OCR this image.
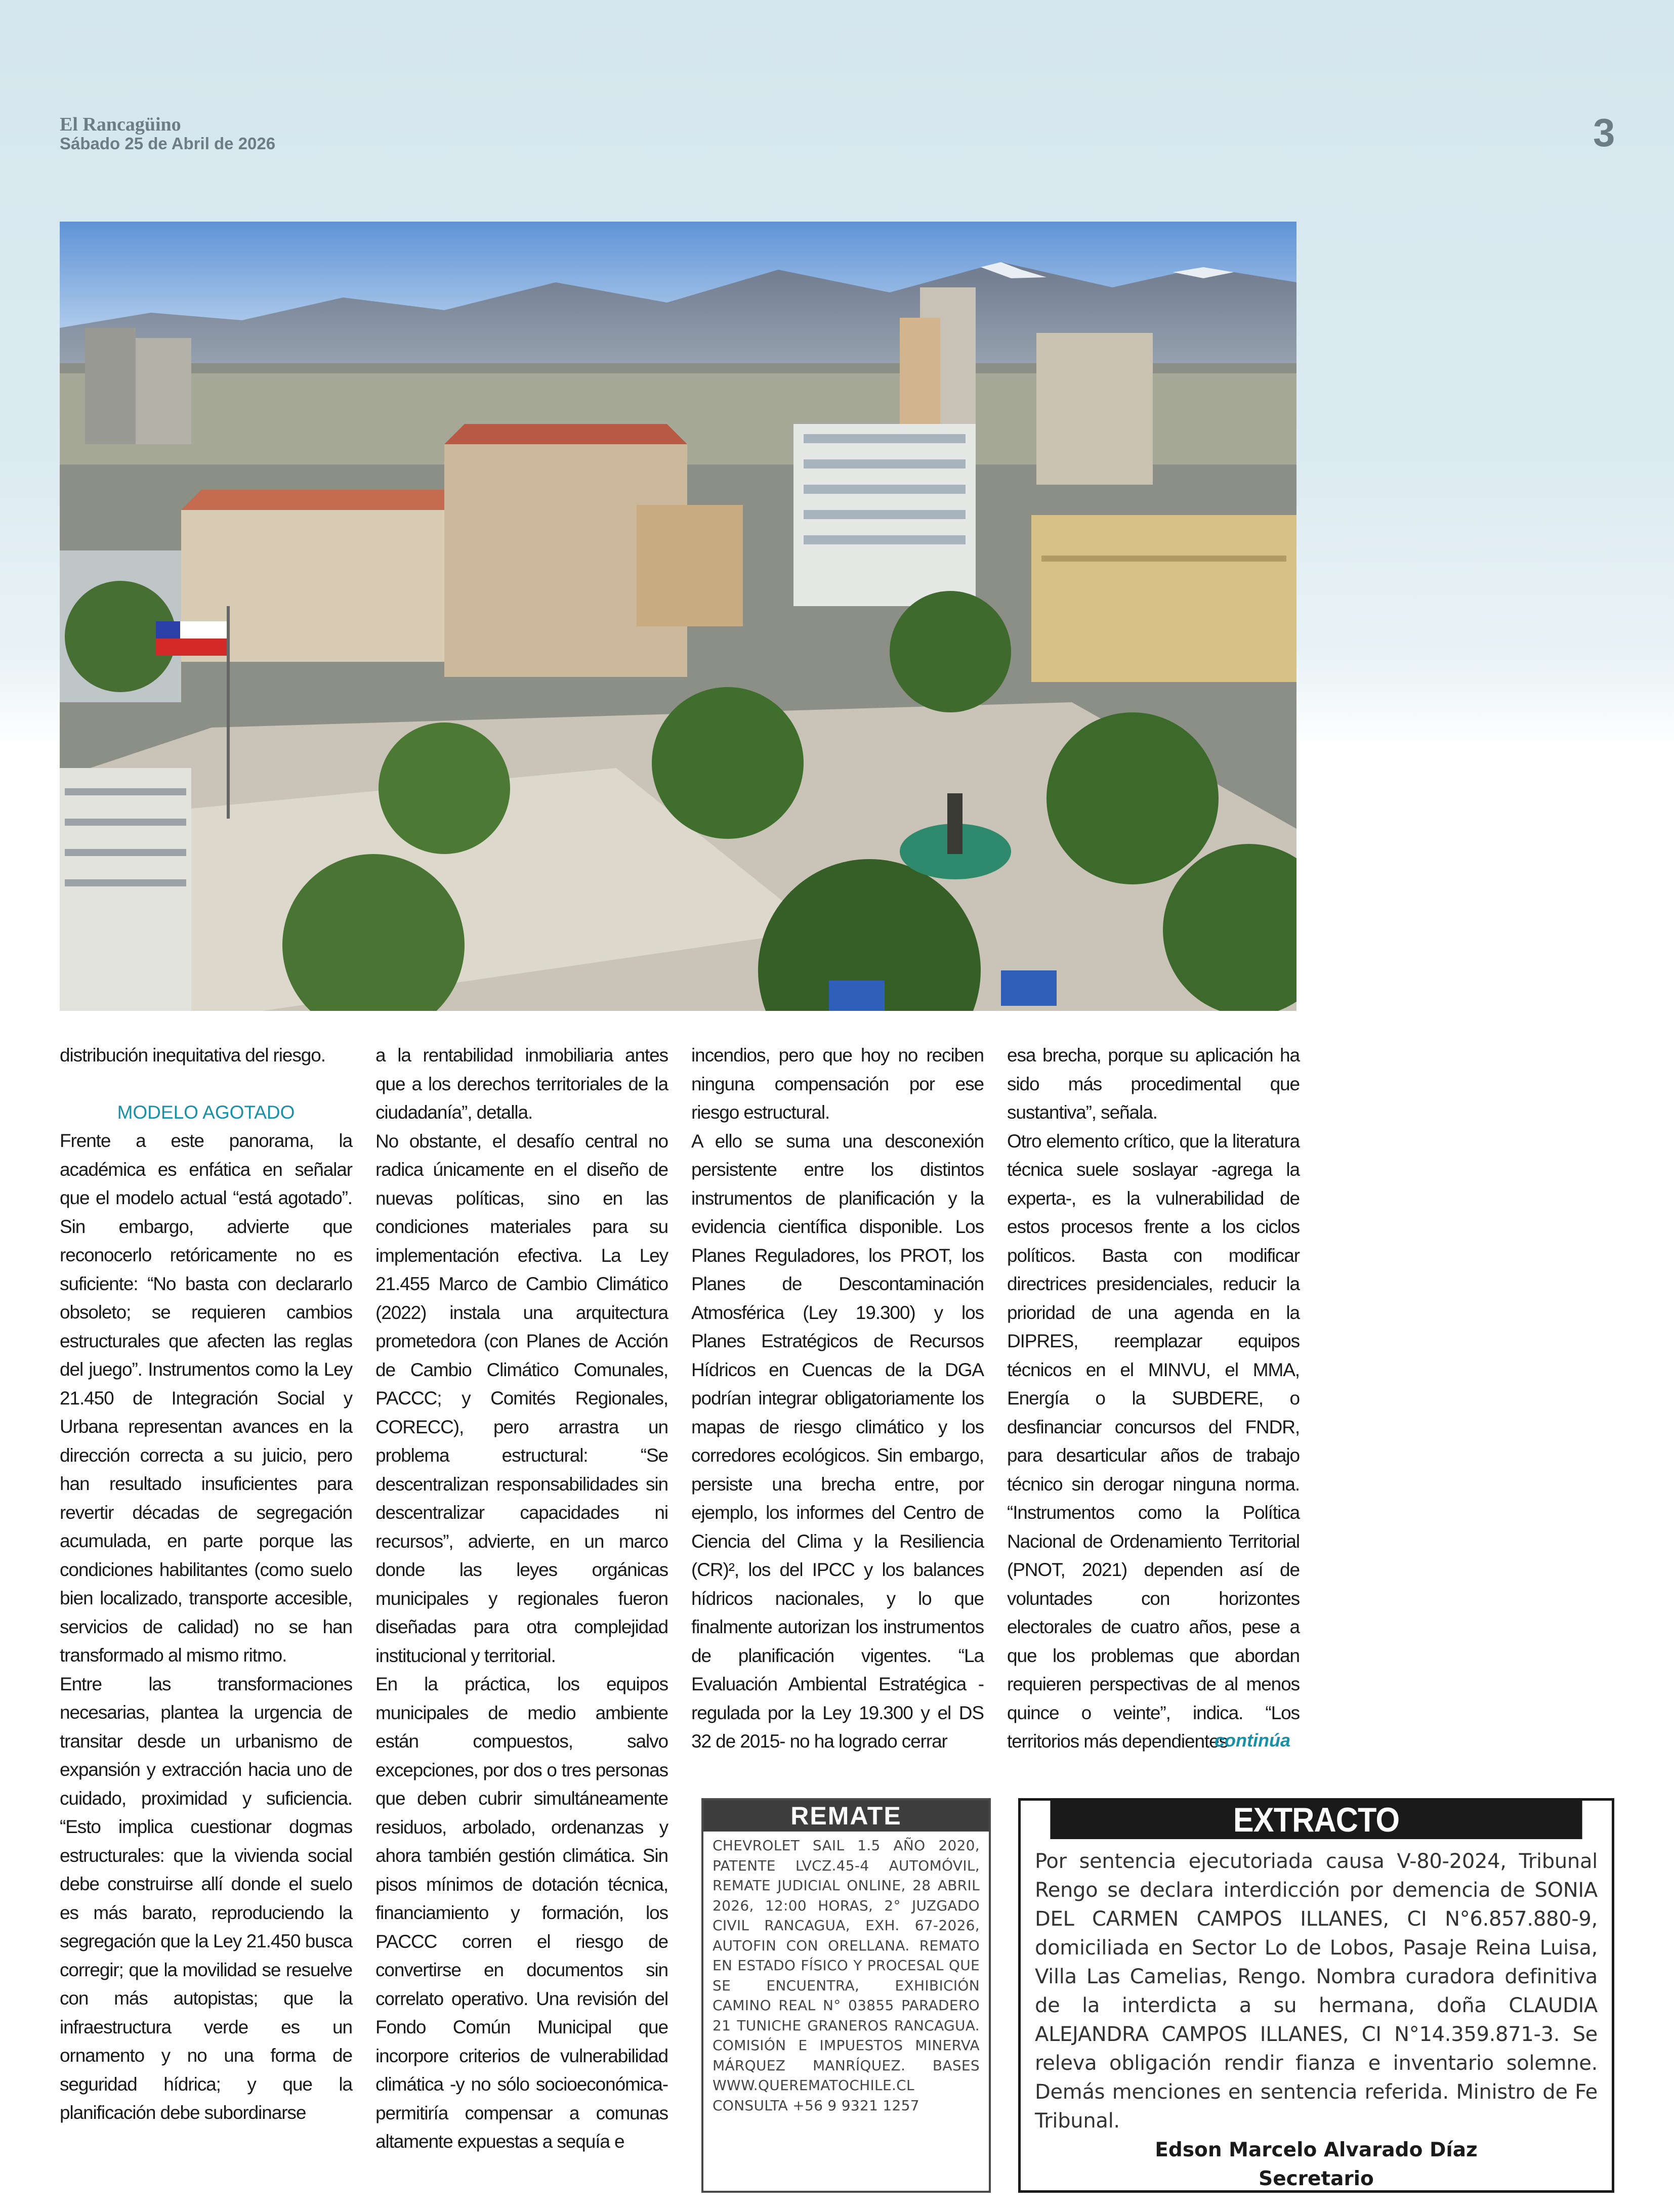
El Rancagüino
Sábado 25 de Abril de 2026	3

distribución inequitativa del riesgo.

MODELO AGOTADO

Frente a este panorama, la académica es enfática en señalar que el modelo actual “está agotado”. Sin embargo, advierte que reconocerlo retóricamente no es suficiente: “No basta con declararlo obsoleto; se requieren cambios estructurales que afecten las reglas del juego”. Instrumentos como la Ley 21.450 de Integración Social y Urbana representan avances en la dirección correcta a su juicio, pero han resultado insuficientes para revertir décadas de segregación acumulada, en parte porque las condiciones habilitantes (como suelo bien localizado, transporte accesible, servicios de calidad) no se han transformado al mismo ritmo.

Entre las transformaciones necesarias, plantea la urgencia de transitar desde un urbanismo de expansión y extracción hacia uno de cuidado, proximidad y suficiencia. “Esto implica cuestionar dogmas estructurales: que la vivienda social debe construirse allí donde el suelo es más barato, reproduciendo la segregación que la Ley 21.450 busca corregir; que la movilidad se resuelve con más autopistas; que la infraestructura verde es un ornamento y no una forma de seguridad hídrica; y que la planificación debe subordinarse

a la rentabilidad inmobiliaria antes que a los derechos territoriales de la ciudadanía”, detalla.

No obstante, el desafío central no radica únicamente en el diseño de nuevas políticas, sino en las condiciones materiales para su implementación efectiva. La Ley 21.455 Marco de Cambio Climático (2022) instala una arquitectura prometedora (con Planes de Acción de Cambio Climático Comunales, PACCC; y Comités Regionales, CORECC), pero arrastra un problema estructural: “Se descentralizan responsabilidades sin descentralizar capacidades ni recursos”, advierte, en un marco donde las leyes orgánicas municipales y regionales fueron diseñadas para otra complejidad institucional y territorial.

En la práctica, los equipos municipales de medio ambiente están compuestos, salvo excepciones, por dos o tres personas que deben cubrir simultáneamente residuos, arbolado, ordenanzas y ahora también gestión climática. Sin pisos mínimos de dotación técnica, financiamiento y formación, los PACCC corren el riesgo de convertirse en documentos sin correlato operativo. Una revisión del Fondo Común Municipal que incorpore criterios de vulnerabilidad climática -y no sólo socioeconómica- permitiría compensar a comunas altamente expuestas a sequía e

incendios, pero que hoy no reciben ninguna compensación por ese riesgo estructural.

A ello se suma una desconexión persistente entre los distintos instrumentos de planificación y la evidencia científica disponible. Los Planes Reguladores, los PROT, los Planes de Descontaminación Atmosférica (Ley 19.300) y los Planes Estratégicos de Recursos Hídricos en Cuencas de la DGA podrían integrar obligatoriamente los mapas de riesgo climático y los corredores ecológicos. Sin embargo, persiste una brecha entre, por ejemplo, los informes del Centro de Ciencia del Clima y la Resiliencia (CR)², los del IPCC y los balances hídricos nacionales, y lo que finalmente autorizan los instrumentos de planificación vigentes. “La Evaluación Ambiental Estratégica -regulada por la Ley 19.300 y el DS 32 de 2015- no ha logrado cerrar

esa brecha, porque su aplicación ha sido más procedimental que sustantiva”, señala.

Otro elemento crítico, que la literatura técnica suele soslayar -agrega la experta-, es la vulnerabilidad de estos procesos frente a los ciclos políticos. Basta con modificar directrices presidenciales, reducir la prioridad de una agenda en la DIPRES, reemplazar equipos técnicos en el MINVU, el MMA, Energía o la SUBDERE, o desfinanciar concursos del FNDR, para desarticular años de trabajo técnico sin derogar ninguna norma. “Instrumentos como la Política Nacional de Ordenamiento Territorial (PNOT, 2021) dependen así de voluntades con horizontes electorales de cuatro años, pese a que los problemas que abordan requieren perspectivas de al menos quince o veinte”, indica. “Los territorios más dependientes

continúa
REMATE
CHEVROLET SAIL 1.5 AÑO 2020, PATENTE LVCZ.45-4 AUTOMÓVIL, REMATE JUDICIAL ONLINE, 28 ABRIL 2026, 12:00 HORAS, 2° JUZGADO CIVIL RANCAGUA, EXH. 67-2026, AUTOFIN CON ORELLANA. REMATO EN ESTADO FÍSICO Y PROCESAL QUE SE ENCUENTRA, EXHIBICIÓN CAMINO REAL N° 03855 PARADERO 21 TUNICHE GRANEROS RANCAGUA. COMISIÓN E IMPUESTOS MINERVA MÁRQUEZ MANRÍQUEZ. BASES WWW.QUEREMATOCHILE.CL CONSULTA +56 9 9321 1257
EXTRACTO
Por sentencia ejecutoriada causa V-80-2024, Tribunal Rengo se declara interdicción por demencia de SONIA DEL CARMEN CAMPOS ILLANES, CI N°6.857.880-9, domiciliada en Sector Lo de Lobos, Pasaje Reina Luisa, Villa Las Camelias, Rengo. Nombra curadora definitiva de la interdicta a su hermana, doña CLAUDIA ALEJANDRA CAMPOS ILLANES, CI N°14.359.871-3. Se releva obligación rendir fianza e inventario solemne. Demás menciones en sentencia referida. Ministro de Fe Tribunal.
Edson Marcelo Alvarado Díaz
Secretario
